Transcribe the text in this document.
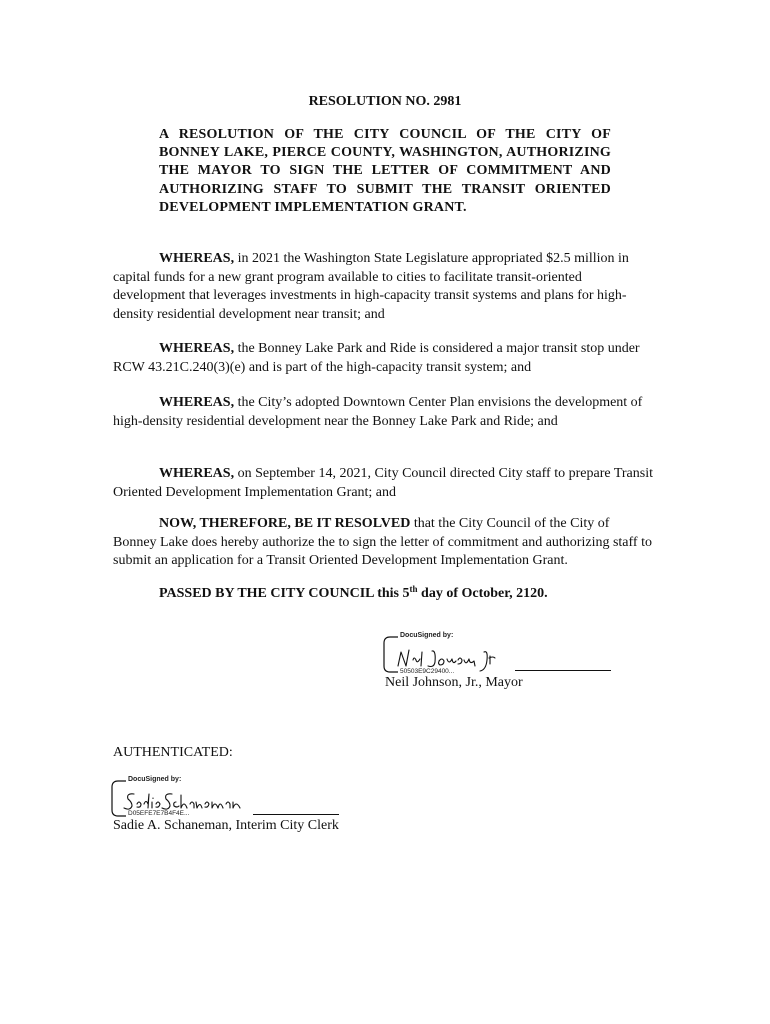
RESOLUTION NO. 2981
A RESOLUTION OF THE CITY COUNCIL OF THE CITY OF BONNEY LAKE, PIERCE COUNTY, WASHINGTON, AUTHORIZING THE MAYOR TO SIGN THE LETTER OF COMMITMENT AND AUTHORIZING STAFF TO SUBMIT THE TRANSIT ORIENTED DEVELOPMENT IMPLEMENTATION GRANT.
WHEREAS, in 2021 the Washington State Legislature appropriated $2.5 million in capital funds for a new grant program available to cities to facilitate transit-oriented development that leverages investments in high-capacity transit systems and plans for high-density residential development near transit; and
WHEREAS, the Bonney Lake Park and Ride is considered a major transit stop under RCW 43.21C.240(3)(e) and is part of the high-capacity transit system; and
WHEREAS, the City’s adopted Downtown Center Plan envisions the development of high-density residential development near the Bonney Lake Park and Ride; and
WHEREAS, on September 14, 2021, City Council directed City staff to prepare Transit Oriented Development Implementation Grant; and
NOW, THEREFORE, BE IT RESOLVED that the City Council of the City of Bonney Lake does hereby authorize the to sign the letter of commitment and authorizing staff to submit an application for a Transit Oriented Development Implementation Grant.
PASSED BY THE CITY COUNCIL this 5th day of October, 2120.
DocuSigned by:
50503E9C29400...
Neil Johnson, Jr., Mayor
AUTHENTICATED:
DocuSigned by:
D05EFE7E7B4F4E...
Sadie A. Schaneman, Interim City Clerk
